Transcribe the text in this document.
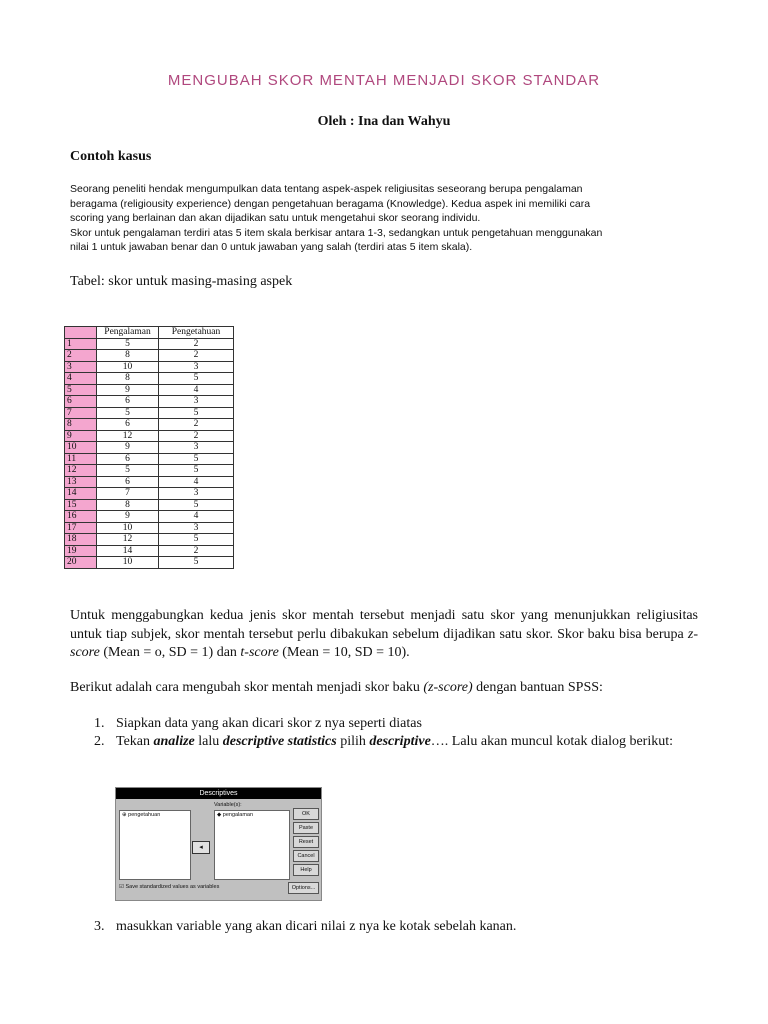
MENGUBAH SKOR MENTAH MENJADI SKOR STANDAR
Oleh : Ina dan Wahyu
Contoh kasus

Seorang peneliti hendak mengumpulkan data tentang aspek-aspek religiusitas seseorang berupa pengalaman

beragama (religiousity experience) dengan pengetahuan beragama (Knowledge). Kedua aspek ini memiliki cara

scoring yang berlainan dan akan dijadikan satu untuk mengetahui skor seorang individu.

Skor untuk pengalaman terdiri atas 5 item skala berkisar antara 1-3, sedangkan untuk pengetahuan menggunakan

nilai 1 untuk jawaban benar dan 0 untuk jawaban yang salah (terdiri atas 5 item skala).

Tabel: skor untuk masing-masing aspek
	Pengalaman	Pengetahuan
1	5	2
2	8	2
3	10	3
4	8	5
5	9	4
6	6	3
7	5	5
8	6	2
9	12	2
10	9	3
11	6	5
12	5	5
13	6	4
14	7	3
15	8	5
16	9	4
17	10	3
18	12	5
19	14	2
20	10	5

Untuk menggabungkan kedua jenis skor mentah tersebut menjadi satu skor yang menunjukkan religiusitas untuk tiap subjek, skor mentah tersebut perlu dibakukan sebelum dijadikan satu skor. Skor baku bisa berupa z-score (Mean = o, SD = 1) dan t-score (Mean = 10, SD = 10).

Berikut adalah cara mengubah skor mentah menjadi skor baku (z-score) dengan bantuan SPSS:

1. Siapkan data yang akan dicari skor z nya seperti diatas
2. Tekan analize lalu descriptive statistics pilih descriptive…. Lalu akan muncul kotak dialog berikut:
Descriptives
⊕ pengetahuan
Variable(s):
◂
◆ pengalaman	OK
Paste
Reset
Cancel
Help
☑ Save standardized values as variables	Options...
3. masukkan variable yang akan dicari nilai z nya ke kotak sebelah kanan.
